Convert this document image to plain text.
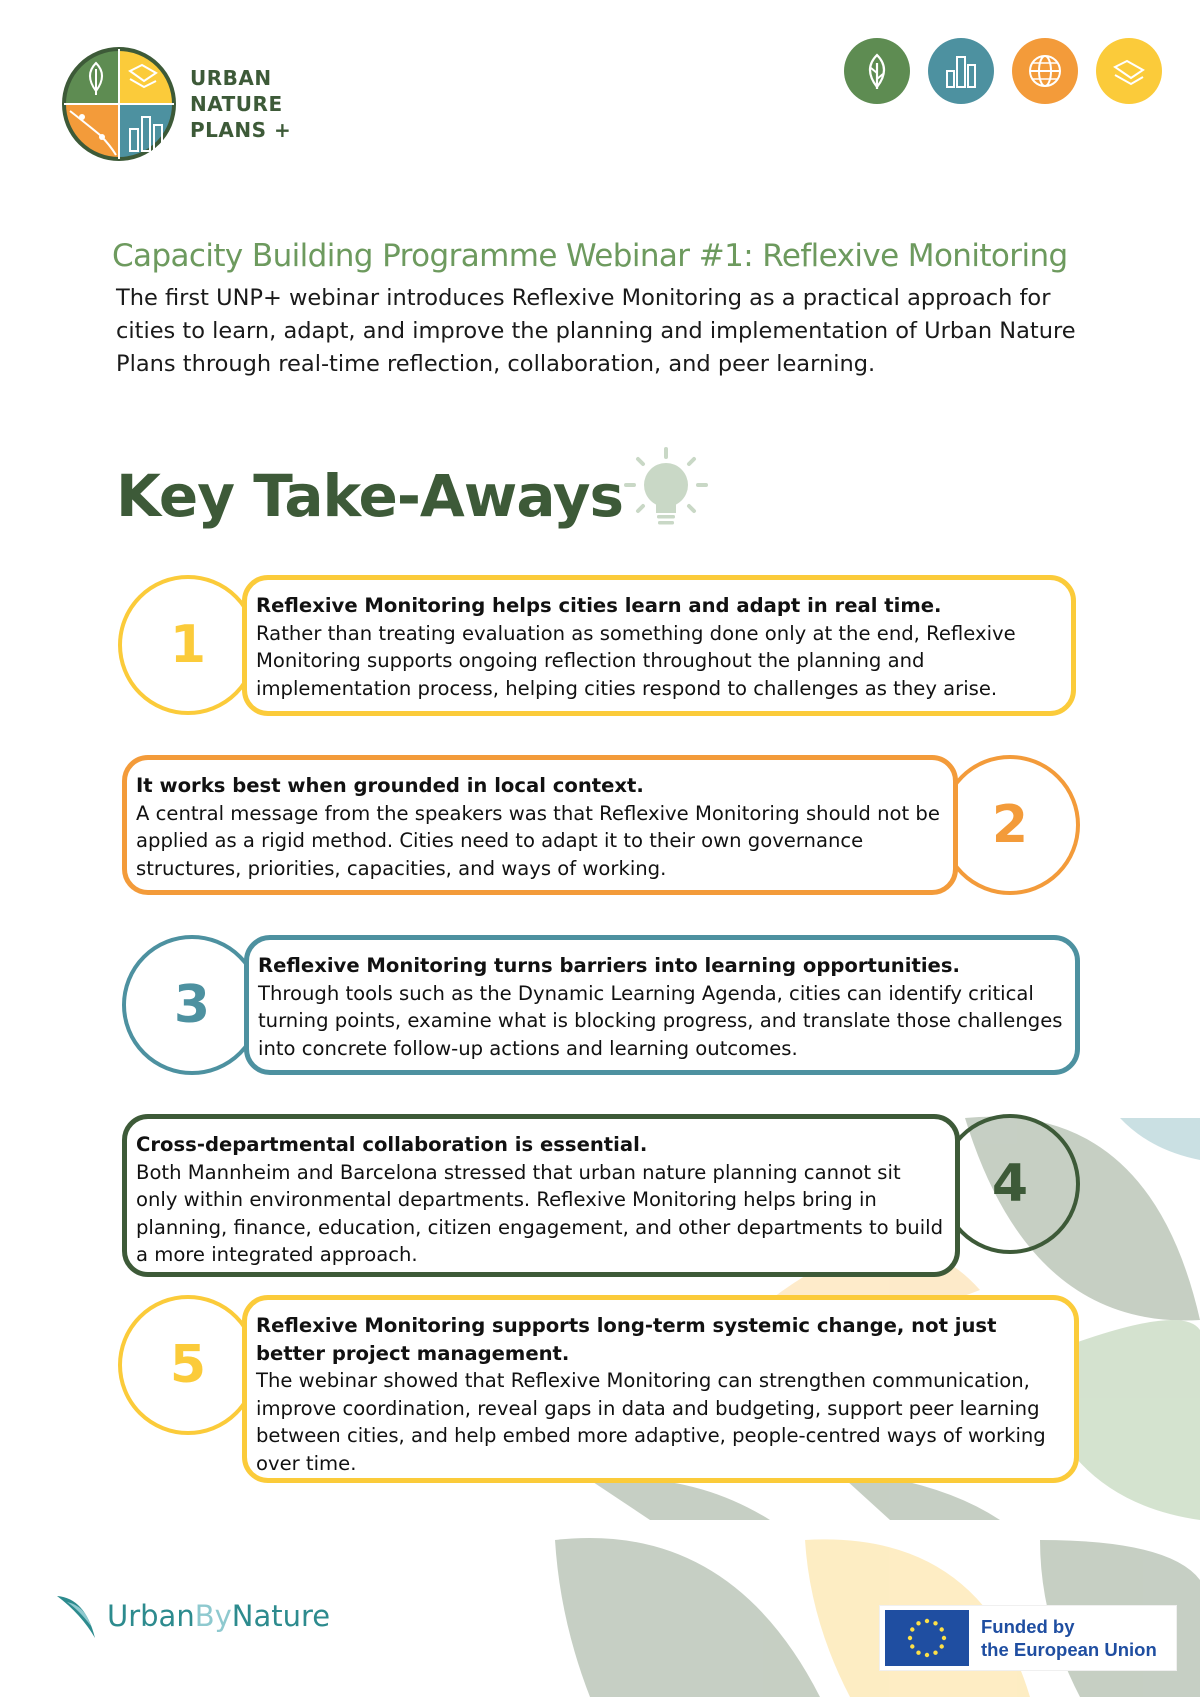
URBAN
NATURE
PLANS +
Capacity Building Programme Webinar #1: Reflexive Monitoring

The first UNP+ webinar introduces Reflexive Monitoring as a practical approach for cities to learn, adapt, and improve the planning and implementation of Urban Nature Plans through real-time reflection, collaboration, and peer learning.

Key Take-Aways
1
Reflexive Monitoring helps cities learn and adapt in real time.
Rather than treating evaluation as something done only at the end, Reflexive Monitoring supports ongoing reflection throughout the planning and implementation process, helping cities respond to challenges as they arise.
2
It works best when grounded in local context.
A central message from the speakers was that Reflexive Monitoring should not be applied as a rigid method. Cities need to adapt it to their own governance structures, priorities, capacities, and ways of working.
3
Reflexive Monitoring turns barriers into learning opportunities.
Through tools such as the Dynamic Learning Agenda, cities can identify critical turning points, examine what is blocking progress, and translate those challenges into concrete follow-up actions and learning outcomes.
4
Cross-departmental collaboration is essential.
Both Mannheim and Barcelona stressed that urban nature planning cannot sit only within environmental departments. Reflexive Monitoring helps bring in planning, finance, education, citizen engagement, and other departments to build a more integrated approach.
5
Reflexive Monitoring supports long-term systemic change, not just better project management.
The webinar showed that Reflexive Monitoring can strengthen communication, improve coordination, reveal gaps in data and budgeting, support peer learning between cities, and help embed more adaptive, people-centred ways of working over time.
UrbanByNature	Funded by
the European Union
